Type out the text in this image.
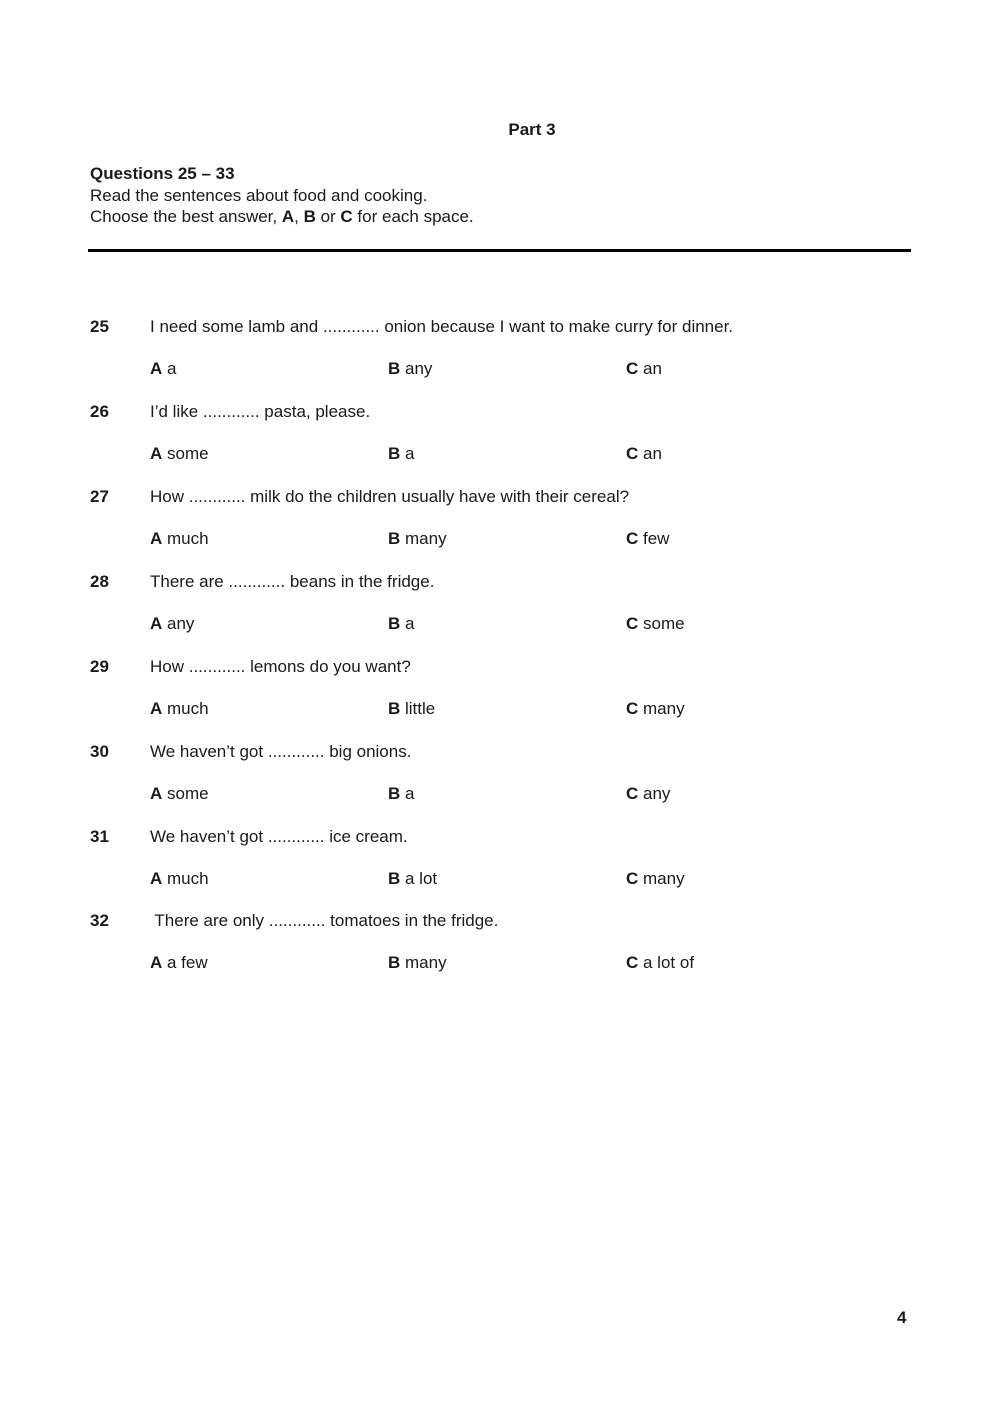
Part 3
Questions 25 – 33
Read the sentences about food and cooking.
Choose the best answer, A, B or C for each space.
25 I need some lamb and ............ onion because I want to make curry for dinner.
A a	B any	C an
26 I’d like ............ pasta, please.
A some	B a	C an
27 How ............ milk do the children usually have with their cereal?
A much	B many	C few
28 There are ............ beans in the fridge.
A any	B a	C some
29 How ............ lemons do you want?
A much	B little	C many
30 We haven’t got ............ big onions.
A some	B a	C any
31 We haven’t got ............ ice cream.
A much	B a lot	C many
32 There are only ............ tomatoes in the fridge.
A a few	B many	C a lot of
4
